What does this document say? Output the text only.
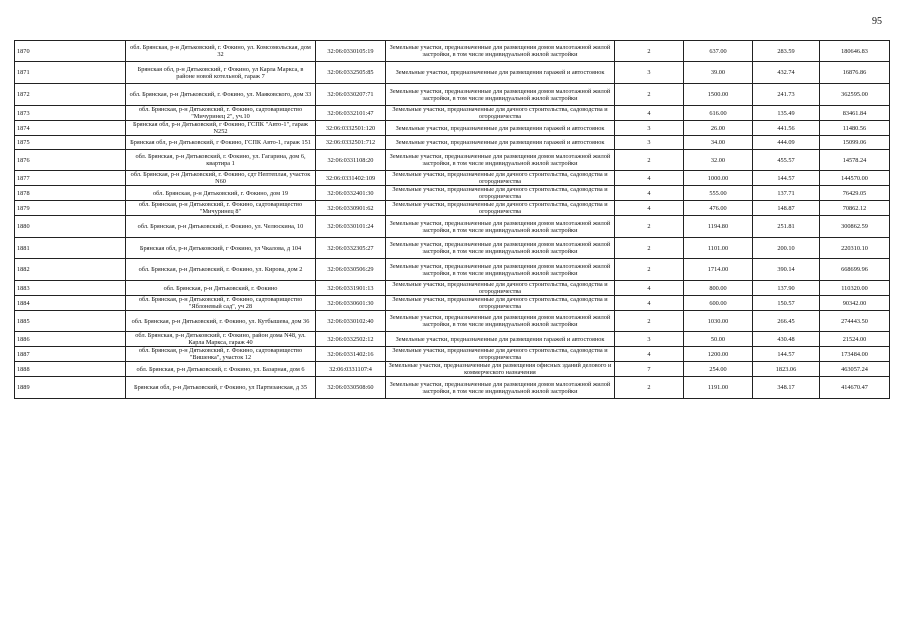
95
1870	обл. Брянская, р-н Дятьковский, г. Фокино, ул. Комсомольская, дом 32	32:06:0330105:19	Земельные участки, предназначенные для размещения домов малоэтажной жилой застройки, в том числе индивидуальной жилой застройки	2	637.00	283.59	180646.83
1871	Брянская обл, р-н Дятьковский, г Фокино, ул Карла Маркса, в районе новой котельной, гараж 7	32:06:0332505:85	Земельные участки, предназначенные для размещения гаражей и автостоянок	3	39.00	432.74	16876.86
1872	обл. Брянская, р-н Дятьковский, г. Фокино, ул. Маяковского, дом 33	32:06:0330207:71	Земельные участки, предназначенные для размещения домов малоэтажной жилой застройки, в том числе индивидуальной жилой застройки	2	1500.00	241.73	362595.00
1873	обл. Брянская, р-н Дятьковский, г. Фокино, садтоварищество "Мичуринец 2", уч.10	32:06:0332101:47	Земельные участки, предназначенные для дачного строительства, садоводства и огородничества	4	616.00	135.49	83461.84
1874	Брянская обл, р-н Дятьковский, г Фокино, ГСПК "Авто-1", гараж N252	32:06:0332501:120	Земельные участки, предназначенные для размещения гаражей и автостоянок	3	26.00	441.56	11480.56
1875	Брянская обл, р-н Дятьковский, г Фокино, ГСПК Авто-1, гараж 151	32:06:0332501:712	Земельные участки, предназначенные для размещения гаражей и автостоянок	3	34.00	444.09	15099.06
1876	обл. Брянская, р-н Дятьковский, г. Фокино, ул. Гагарина, дом 6, квартира 1	32:06:0331108:20	Земельные участки, предназначенные для размещения домов малоэтажной жилой застройки, в том числе индивидуальной жилой застройки	2	32.00	455.57	14578.24
1877	обл. Брянская, р-н Дятьковский, г. Фокино, сдт Нептеплая, участок N60	32:06:0331402:109	Земельные участки, предназначенные для дачного строительства, садоводства и огородничества	4	1000.00	144.57	144570.00
1878	обл. Брянская, р-н Дятьковский, г. Фокино, дом 19	32:06:0332401:30	Земельные участки, предназначенные для дачного строительства, садоводства и огородничества	4	555.00	137.71	76429.05
1879	обл. Брянская, р-н Дятьковский, г. Фокино, садтоварищество "Мичуринец 8"	32:06:0330901:62	Земельные участки, предназначенные для дачного строительства, садоводства и огородничества	4	476.00	148.87	70862.12
1880	обл. Брянская, р-н Дятьковский, г. Фокино, ул. Челюскина, 10	32:06:0330101:24	Земельные участки, предназначенные для размещения домов малоэтажной жилой застройки, в том числе индивидуальной жилой застройки	2	1194.80	251.81	300862.59
1881	Брянская обл, р-н Дятьковский, г Фокино, ул Чкалова, д 104	32:06:0332305:27	Земельные участки, предназначенные для размещения домов малоэтажной жилой застройки, в том числе индивидуальной жилой застройки	2	1101.00	200.10	220310.10
1882	обл. Брянская, р-н Дятьковский, г. Фокино, ул. Кирова, дом 2	32:06:0330506:29	Земельные участки, предназначенные для размещения домов малоэтажной жилой застройки, в том числе индивидуальной жилой застройки	2	1714.00	390.14	668699.96
1883	обл. Брянская, р-н Дятьковский, г. Фокино	32:06:0331901:13	Земельные участки, предназначенные для дачного строительства, садоводства и огородничества	4	800.00	137.90	110320.00
1884	обл. Брянская, р-н Дятьковский, г. Фокино, садтоварищество "Яблоневый сад", уч 28	32:06:0330601:30	Земельные участки, предназначенные для дачного строительства, садоводства и огородничества	4	600.00	150.57	90342.00
1885	обл. Брянская, р-н Дятьковский, г. Фокино, ул. Кутбышева, дом 36	32:06:0330102:40	Земельные участки, предназначенные для размещения домов малоэтажной жилой застройки, в том числе индивидуальной жилой застройки	2	1030.00	266.45	274443.50
1886	обл. Брянская, р-н Дятьковский, г. Фокино, район дома N48, ул. Карла Маркса, гараж 40	32:06:0332502:12	Земельные участки, предназначенные для размещения гаражей и автостоянок	3	50.00	430.48	21524.00
1887	обл. Брянская, р-н Дятьковский, г. Фокино, садтоварищество "Вишенка", участок 12	32:06:0331402:16	Земельные участки, предназначенные для дачного строительства, садоводства и огородничества	4	1200.00	144.57	173484.00
1888	обл. Брянская, р-н Дятьковский, г. Фокино, ул. Базарная, дом 6	32:06:0331107:4	Земельные участки, предназначенные для размещения офисных зданий делового и коммерческого назначения	7	254.00	1823.06	463057.24
1889	Брянская обл, р-н Дятьковский, г Фокино, ул Партизанская, д 35	32:06:0330508:60	Земельные участки, предназначенные для размещения домов малоэтажной жилой застройки, в том числе индивидуальной жилой застройки	2	1191.00	348.17	414670.47
